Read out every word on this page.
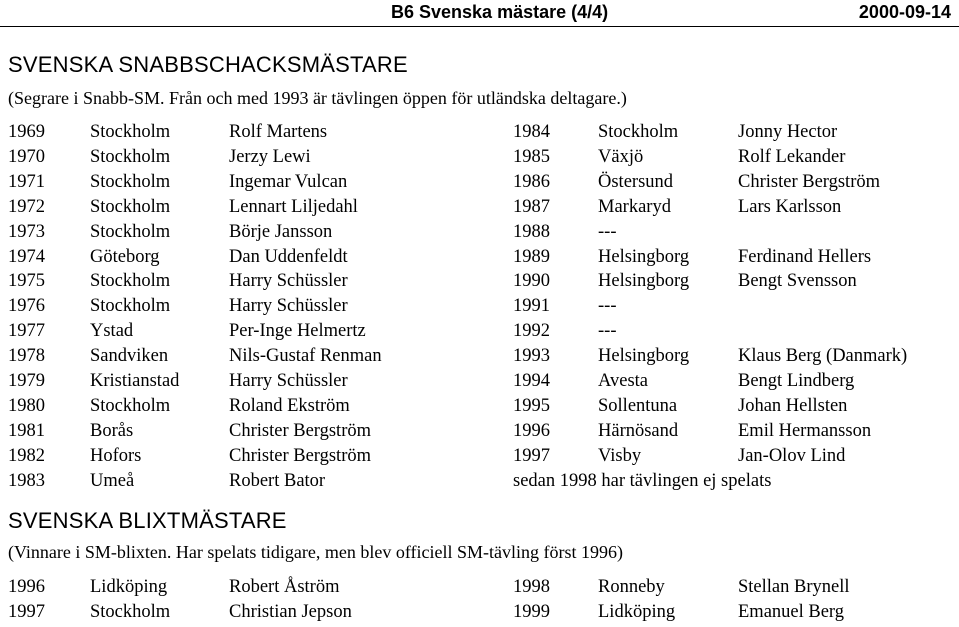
B6 Svenska mästare (4/4)	2000-09-14
SVENSKA SNABBSCHACKSMÄSTARE
(Segrare i Snabb-SM. Från och med 1993 är tävlingen öppen för utländska deltagare.)
1969 Stockholm	Rolf Martens	1984	Stockholm	Jonny Hector
1970 Stockholm	Jerzy Lewi	1985	Växjö	Rolf Lekander
1971 Stockholm	Ingemar Vulcan	1986	Östersund	Christer Bergström
1972 Stockholm	Lennart Liljedahl	1987	Markaryd	Lars Karlsson
1973 Stockholm	Börje Jansson	1988	---
1974 Göteborg	Dan Uddenfeldt	1989	Helsingborg	Ferdinand Hellers
1975 Stockholm	Harry Schüssler	1990	Helsingborg	Bengt Svensson
1976 Stockholm	Harry Schüssler	1991	---
1977 Ystad	Per-Inge Helmertz	1992	---
1978 Sandviken	Nils-Gustaf Renman	1993	Helsingborg	Klaus Berg (Danmark)
1979 Kristianstad	Harry Schüssler	1994	Avesta	Bengt Lindberg
1980 Stockholm	Roland Ekström	1995	Sollentuna	Johan Hellsten
1981 Borås	Christer Bergström	1996	Härnösand	Emil Hermansson
1982 Hofors	Christer Bergström	1997	Visby	Jan-Olov Lind
1983 Umeå	Robert Bator	sedan 1998 har tävlingen ej spelats
SVENSKA BLIXTMÄSTARE
(Vinnare i SM-blixten. Har spelats tidigare, men blev officiell SM-tävling först 1996)
1996 Lidköping	Robert Åström	1998	Ronneby	Stellan Brynell
1997 Stockholm	Christian Jepson	1999	Lidköping	Emanuel Berg
